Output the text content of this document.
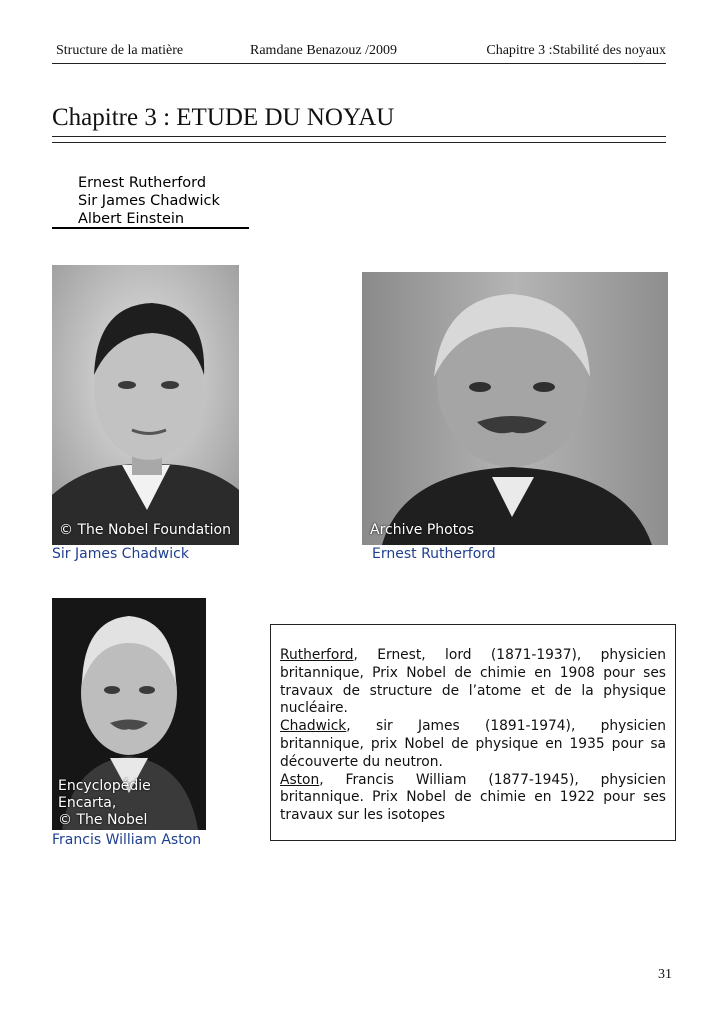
Structure de la matière	Ramdane Benazouz /2009	Chapitre 3 :Stabilité des noyaux
Chapitre 3 : ETUDE DU NOYAU
Ernest Rutherford
Sir James Chadwick
Albert Einstein
© The Nobel Foundation
Sir James Chadwick
Archive Photos
Ernest Rutherford
Encyclopédie Encarta,
© The Nobel
Francis William Aston

Rutherford, Ernest, lord (1871-1937), physicien britannique, Prix Nobel de chimie en 1908 pour ses travaux de structure de l’atome et de la physique nucléaire.

Chadwick, sir James (1891-1974), physicien britannique, prix Nobel de physique en 1935 pour sa découverte du neutron.

Aston, Francis William (1877-1945), physicien britannique. Prix Nobel de chimie en 1922 pour ses travaux sur les isotopes

31
